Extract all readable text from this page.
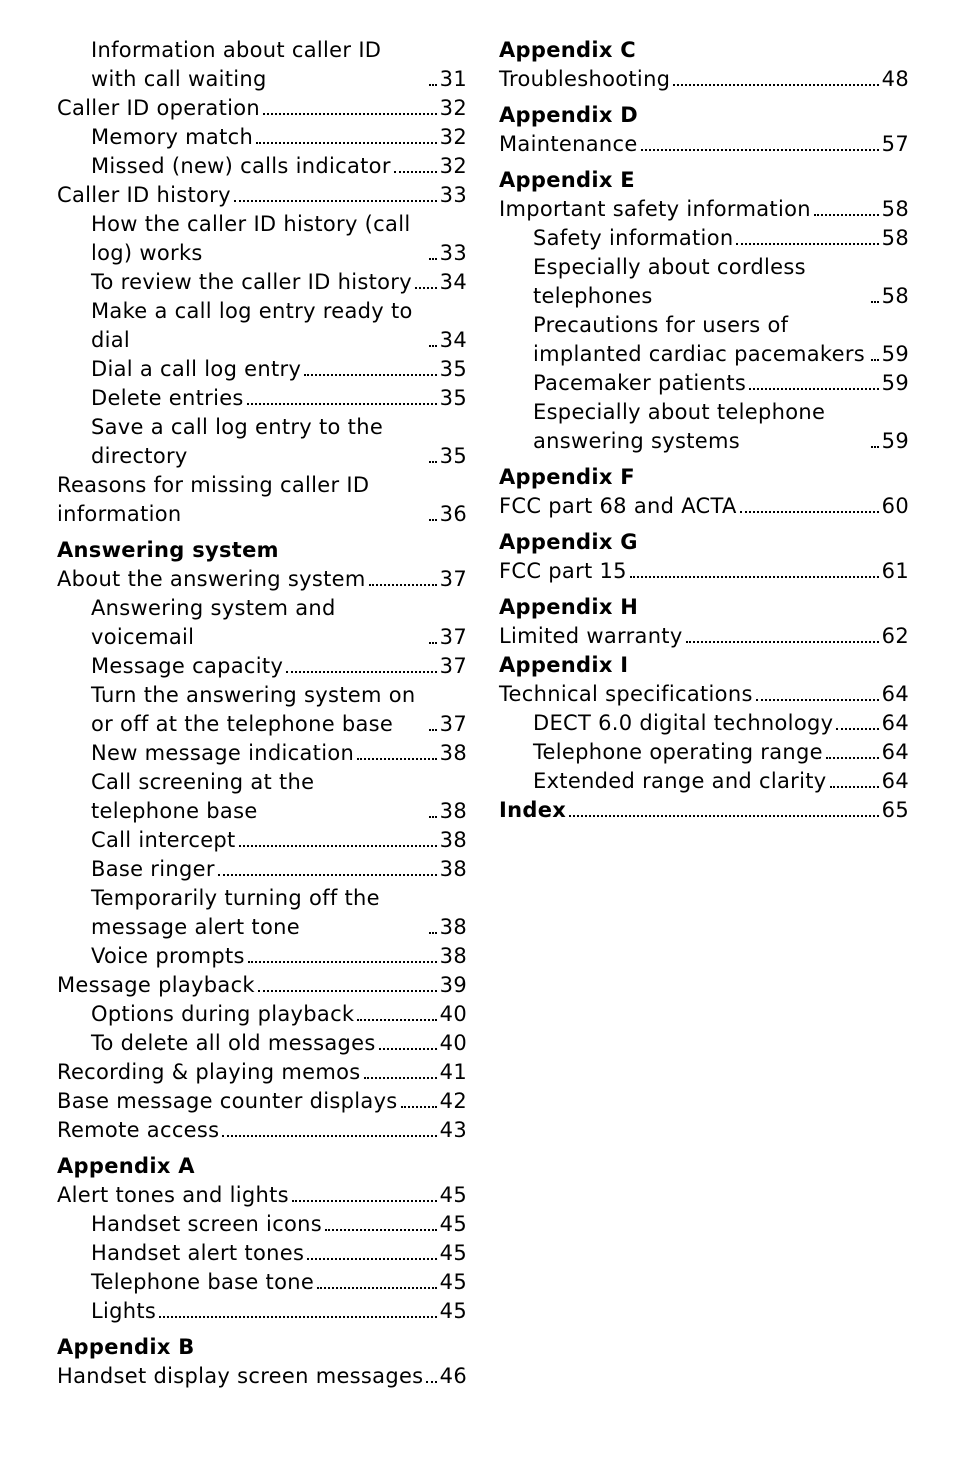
Information about caller ID with call waiting	31
Caller ID operation	32
Memory match	32
Missed (new) calls indicator 32
Caller ID history	33
How the caller ID history (call log) works	33
To review the caller ID history 34
Make a call log entry ready to dial	34
Dial a call log entry	35
Delete entries	35
Save a call log entry to the directory	35
Reasons for missing caller ID information	36
Answering system
About the answering system	37
Answering system and voicemail	37
Message capacity	37
Turn the answering system on or off at the telephone base	37
New message indication	38
Call screening at the telephone base	38
Call intercept	38
Base ringer	38
Temporarily turning off the message alert tone	38
Voice prompts	38
Message playback	39
Options during playback	40
To delete all old messages	40
Recording & playing memos	41
Base message counter displays 42
Remote access	43
Appendix A
Alert tones and lights	45
Handset screen icons	45
Handset alert tones	45
Telephone base tone	45
Lights	45
Appendix B
Handset display screen messages 46
Appendix C
Troubleshooting	48
Appendix D
Maintenance	57
Appendix E
Important safety information	58
Safety information	58
Especially about cordless telephones	58
Precautions for users of implanted cardiac pacemakers 59
Pacemaker patients	59
Especially about telephone answering systems	59
Appendix F
FCC part 68 and ACTA	60
Appendix G
FCC part 15	61
Appendix H
Limited warranty	62
Appendix I
Technical specifications	64
DECT 6.0 digital technology 64
Telephone operating range	64
Extended range and clarity	64
Index	65
